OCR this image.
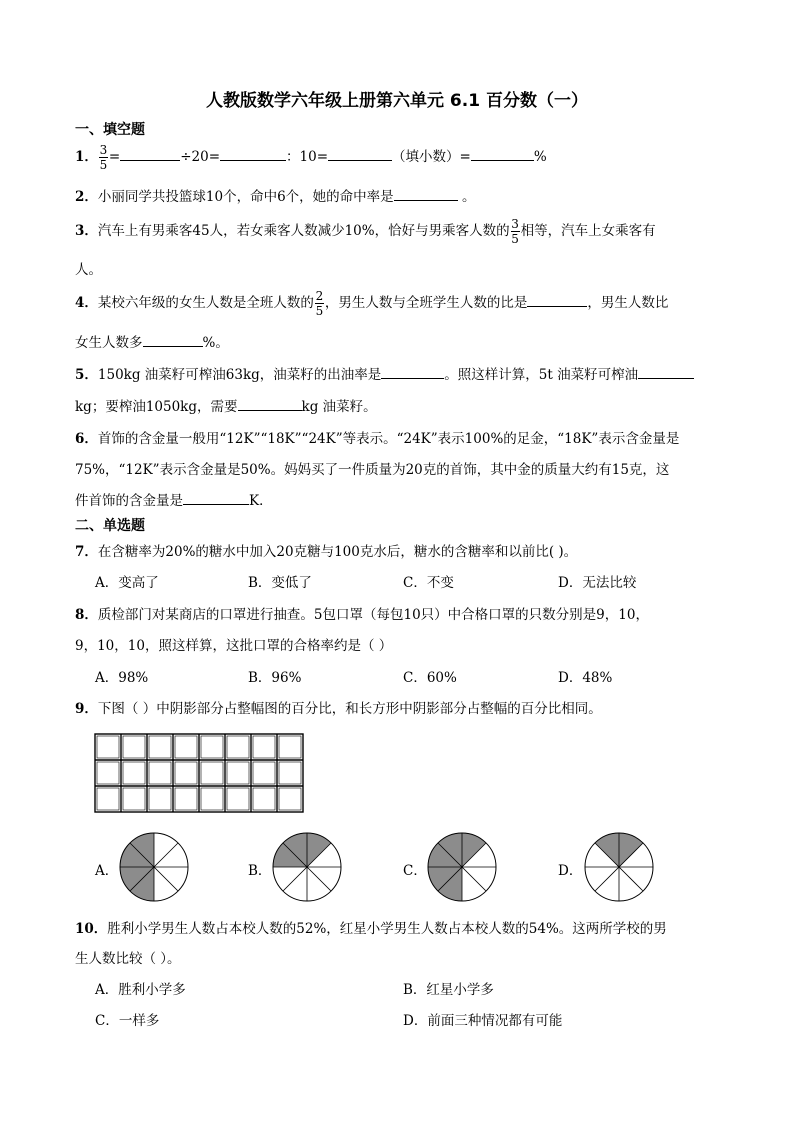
人教版数学六年级上册第六单元 6.1 百分数（一）
一、填空题
1． $\frac{3}{5}$ =	÷20=	：10=	（填小数）=	%
2．小丽同学共投篮球10个，命中6个，她的命中率是	。
3．汽车上有男乘客45人，若女乘客人数减少10%，恰好与男乘客人数的 $\frac{3}{5}$ 相等，汽车上女乘客有
人。
4．某校六年级的女生人数是全班人数的 $\frac{2}{5}$ ，男生人数与全班学生人数的比是	，男生人数比
女生人数多	%。
5．150kg 油菜籽可榨油63kg，油菜籽的出油率是	。照这样计算，5t 油菜籽可榨油
kg；要榨油1050kg，需要	kg 油菜籽。
6．首饰的含金量一般用“12K”“18K”“24K”等表示。“24K”表示100%的足金，“18K”表示含金量是
75%，“12K”表示含金量是50%。妈妈买了一件质量为20克的首饰，其中金的质量大约有15克，这
件首饰的含金量是	K．
二、单选题
7．在含糖率为20%的糖水中加入20克糖与100克水后，糖水的含糖率和以前比( )。
A．变高了	B．变低了	C．不变	D．无法比较
8．质检部门对某商店的口罩进行抽查。5包口罩（每包10只）中合格口罩的只数分别是9，10，
9，10，10，照这样算，这批口罩的合格率约是（ ）
A．98%	B．96%	C．60%	D．48%
9．下图（ ）中阴影部分占整幅图的百分比，和长方形中阴影部分占整幅的百分比相同。
A．	B．	C．	D．
10．胜利小学男生人数占本校人数的52%，红星小学男生人数占本校人数的54%。这两所学校的男
生人数比较（ ）。
A．胜利小学多	B．红星小学多
C．一样多	D．前面三种情况都有可能
